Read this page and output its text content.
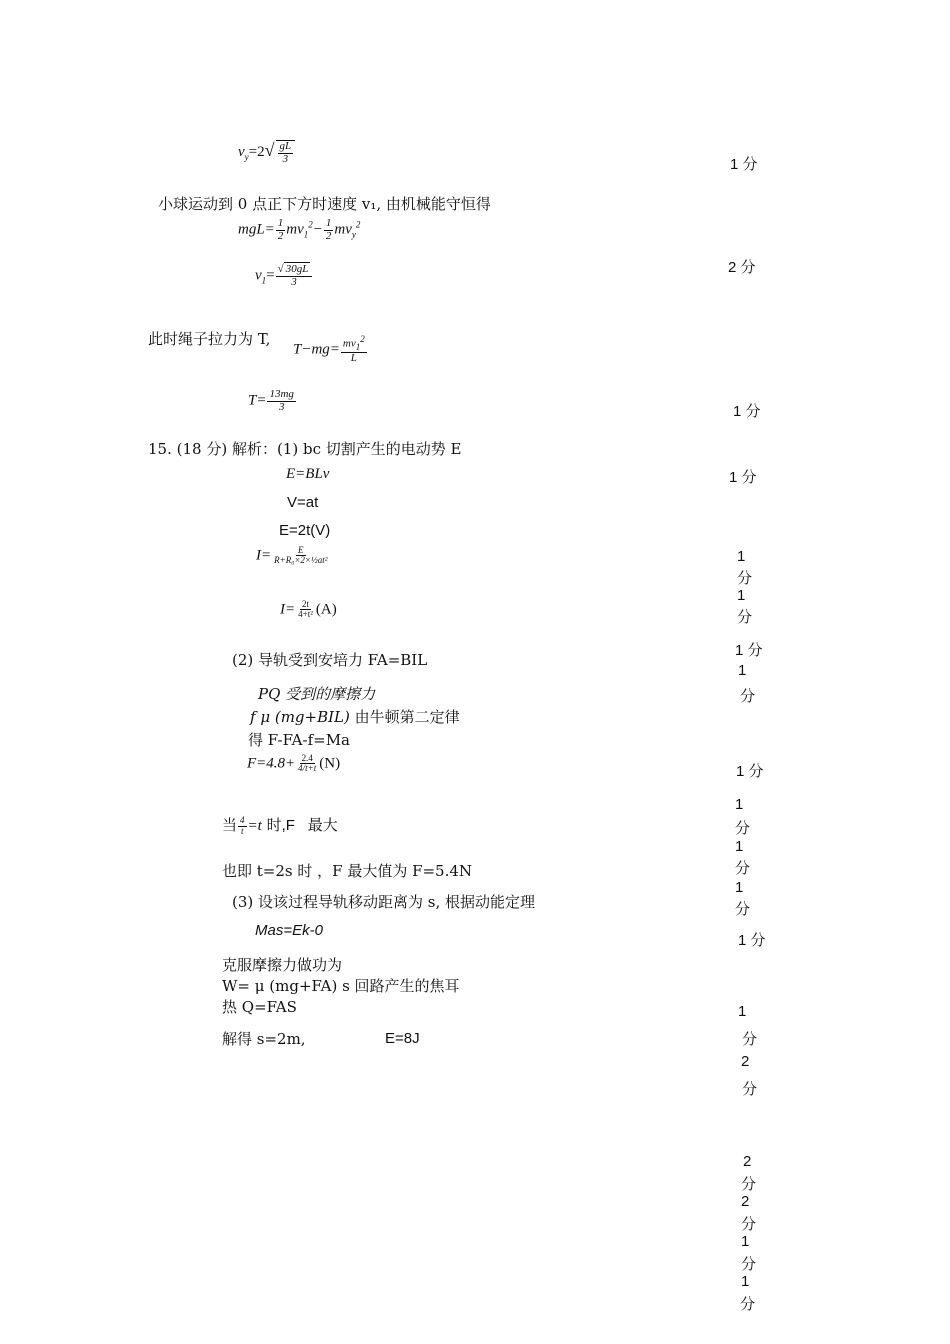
$v_y=2√ \frac{gL}{3}$	1 分
小球运动到 0 点正下方时速度 v₁, 由机械能守恒得
$mgL= \frac{1}{2} mv_1^2- \frac{1}{2} mv_y^2$
$v_1= \frac{√ 30gL}{3}$	2 分
此时绳子拉力为 T,
$T-mg= \frac{mv_1^2}{L}$
$T= \frac{13mg}{3}$	1 分
15. (18 分) 解析：(1) bc 切割产生的电动势 E
E=BLv	1 分
V=at
E=2t(V)
$I= \frac{E}{\text{R+R₀×2×½at²}}$	1
分
1
分
$I= \frac{2t}{\text{4+t²}} (A)$
(2) 导轨受到安培力 FA=BIL
1 分
1
分
PQ 受到的摩擦力
f μ (mg+BIL) 由牛顿第二定律
得 F-FA-f=Ma
$F=4.8+ \frac{2.4}{4/t+t} (N)$	1 分
当 $\frac{4}{t} =t$ 时,F 最大
1
分
1
分
1
分
也即 t=2s 时 ，F 最大值为 F=5.4N
(3) 设该过程导轨移动距离为 s, 根据动能定理
Mas=Ek-0
1 分
克服摩擦力做功为
W= μ (mg+FA) s 回路产生的焦耳
热 Q=FAS
解得 s=2m,	E=8J
1
分
2
分
2
分
2
分
1
分
1
分
